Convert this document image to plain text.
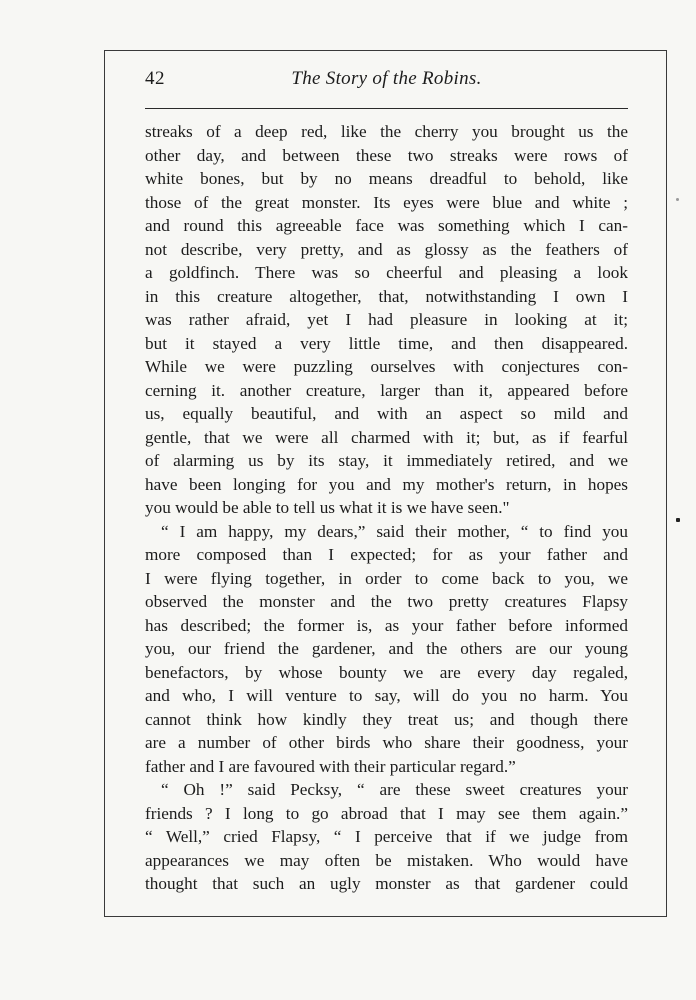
42	The Story of the Robins.
streaks of a deep red, like the cherry you brought us the
other day, and between these two streaks were rows of
white bones, but by no means dreadful to behold, like
those of the great monster. Its eyes were blue and white ;
and round this agreeable face was something which I can-
not describe, very pretty, and as glossy as the feathers of
a goldfinch. There was so cheerful and pleasing a look
in this creature altogether, that, notwithstanding I own I
was rather afraid, yet I had pleasure in looking at it;
but it stayed a very little time, and then disappeared.
While we were puzzling ourselves with conjectures con-
cerning it. another creature, larger than it, appeared before
us, equally beautiful, and with an aspect so mild and
gentle, that we were all charmed with it; but, as if fearful
of alarming us by its stay, it immediately retired, and we
have been longing for you and my mother's return, in hopes
you would be able to tell us what it is we have seen."
“ I am happy, my dears,” said their mother, “ to find you
more composed than I expected; for as your father and
I were flying together, in order to come back to you, we
observed the monster and the two pretty creatures Flapsy
has described; the former is, as your father before informed
you, our friend the gardener, and the others are our young
benefactors, by whose bounty we are every day regaled,
and who, I will venture to say, will do you no harm. You
cannot think how kindly they treat us; and though there
are a number of other birds who share their goodness, your
father and I are favoured with their particular regard.”
“ Oh !” said Pecksy, “ are these sweet creatures your
friends ? I long to go abroad that I may see them again.”
“ Well,” cried Flapsy, “ I perceive that if we judge from
appearances we may often be mistaken. Who would have
thought that such an ugly monster as that gardener could
